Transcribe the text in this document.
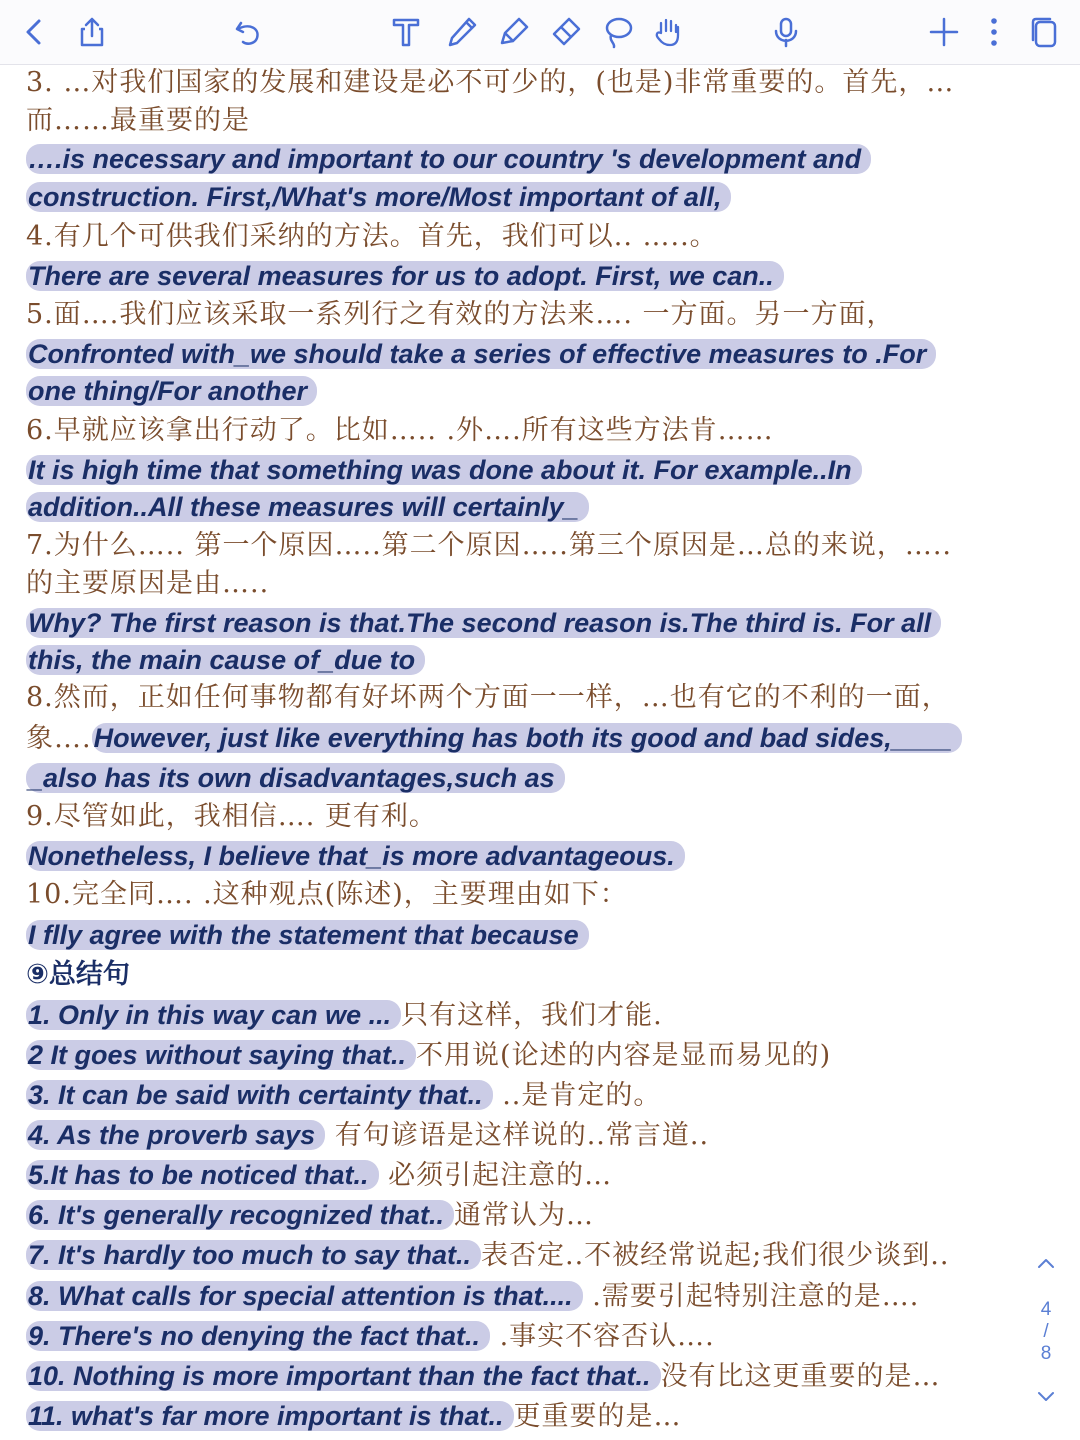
3. …对我们国家的发展和建设是必不可少的，(也是)非常重要的。首先，…
而……最重要的是
….is necessary and important to our country 's development and
construction. First,/What's more/Most important of all,
4.有几个可供我们采纳的方法。首先，我们可以.. …..。
There are several measures for us to adopt. First, we can..
5.面….我们应该采取一系列行之有效的方法来…. 一方面。另一方面，
Confronted with_we should take a series of effective measures to .For
one thing/For another
6.早就应该拿出行动了。比如….. .外….所有这些方法肯……
It is high time that something was done about it. For example..In
addition..All these measures will certainly_
7.为什么….. 第一个原因…..第二个原因…..第三个原因是…总的来说，…..
的主要原因是由…..
Why? The first reason is that.The second reason is.The third is. For all
this, the main cause of_due to
8.然而，正如任何事物都有好坏两个方面一一样，…也有它的不利的一面，
象….However, just like everything has both its good and bad sides,____
_also has its own disadvantages,such as
9.尽管如此，我相信…. 更有利。
Nonetheless, I believe that_is more advantageous.
10.完全同…. .这种观点(陈述)，主要理由如下：
I flly agree with the statement that because
⑨总结句
1. Only in this way can we ... 只有这样，我们才能.
2 It goes without saying that.. 不用说(论述的内容是显而易见的)
3. It can be said with certainty that.. ..是肯定的。
4. As the proverb says 有句谚语是这样说的..常言道..
5.It has to be noticed that.. 必须引起注意的…
6. It's generally recognized that.. 通常认为…
7. It's hardly too much to say that.. 表否定..不被经常说起;我们很少谈到..
8. What calls for special attention is that.... .需要引起特别注意的是….
9. There's no denying the fact that.. .事实不容否认….
10. Nothing is more important than the fact that.. 没有比这更重要的是…
11. what's far more important is that.. 更重要的是…
4
/
8
